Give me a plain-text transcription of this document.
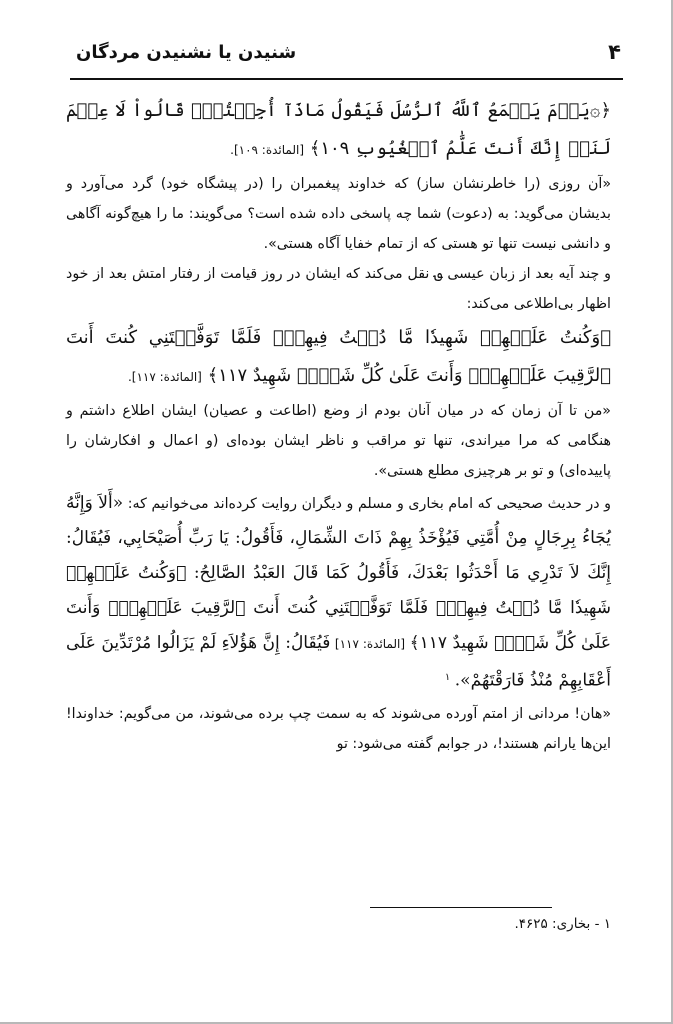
۴
شنیدن یا نشنیدن مردگان

﴿۞يَوۡمَ يَجۡمَعُ ٱللَّهُ ٱلرُّسُلَ فَيَقُولُ مَاذَآ أُجِبۡتُمۡۖ قَالُواْ لَا عِلۡمَ لَنَآۖ إِنَّكَ أَنتَ عَلَّٰمُ ٱلۡغُيُوبِ ١٠٩﴾ [المائدة: ۱۰۹].

«آن روزی (را خاطرنشان ساز) که خداوند پیغمبران را (در پیشگاه خود) گرد می‌آورد و بدیشان می‌گوید: به (دعوت) شما چه پاسخی داده شده است؟ می‌گویند: ما را هیچ‌گونه آگاهی و دانشی نیست تنها تو هستی که از تمام خفایا آگاه هستی».

و چند آیه بعد از زبان عیسی ؈ نقل می‌کند که ایشان در روز قیامت از رفتار امتش بعد از خود اظهار بی‌اطلاعی می‌کند:

﴿وَكُنتُ عَلَيۡهِمۡ شَهِيدٗا مَّا دُمۡتُ فِيهِمۡۖ فَلَمَّا تَوَفَّيۡتَنِي كُنتَ أَنتَ ٱلرَّقِيبَ عَلَيۡهِمۡۚ وَأَنتَ عَلَىٰ كُلِّ شَيۡءٖ شَهِيدٌ ١١٧﴾ [المائدة: ۱۱۷].

«من تا آن زمان که در میان آنان بودم از وضع (اطاعت و عصیان) ایشان اطلاع داشتم و هنگامی که مرا میراندی، تنها تو مراقب و ناظر ایشان بوده‌ای (و اعمال و افکارشان را پاییده‌ای) و تو بر هرچیزی مطلع هستی».

و در حدیث صحیحی که امام بخاری و مسلم و دیگران روایت کرده‌اند می‌خوانیم که: «أَلاَ وَإِنَّهُ يُجَاءُ بِرِجَالٍ مِنْ أُمَّتِي فَيُؤْخَذُ بِهِمْ ذَاتَ الشِّمَالِ، فَأَقُولُ: يَا رَبِّ أُصَيْحَابِي، فَيُقَالُ: إِنَّكَ لاَ تَدْرِي مَا أَحْدَثُوا بَعْدَكَ، فَأَقُولُ كَمَا قَالَ العَبْدُ الصَّالِحُ: ﴿وَكُنتُ عَلَيۡهِمۡ شَهِيدٗا مَّا دُمۡتُ فِيهِمۡۖ فَلَمَّا تَوَفَّيۡتَنِي كُنتَ أَنتَ ٱلرَّقِيبَ عَلَيۡهِمۡۚ وَأَنتَ عَلَىٰ كُلِّ شَيۡءٖ شَهِيدٌ ١١٧﴾ [المائدة: ۱۱۷] فَيُقَالُ: إِنَّ هَؤُلاَءِ لَمْ يَزَالُوا مُرْتَدِّينَ عَلَى أَعْقَابِهِمْ مُنْذُ فَارَقْتَهُمْ». $^۱$

«هان! مردانی از امتم آورده می‌شوند که به سمت چپ برده می‌شوند، من می‌گویم: خداوندا! این‌ها یارانم هستند!، در جوابم گفته می‌شود: تو

۱ - بخاری: ۴۶۲۵.
